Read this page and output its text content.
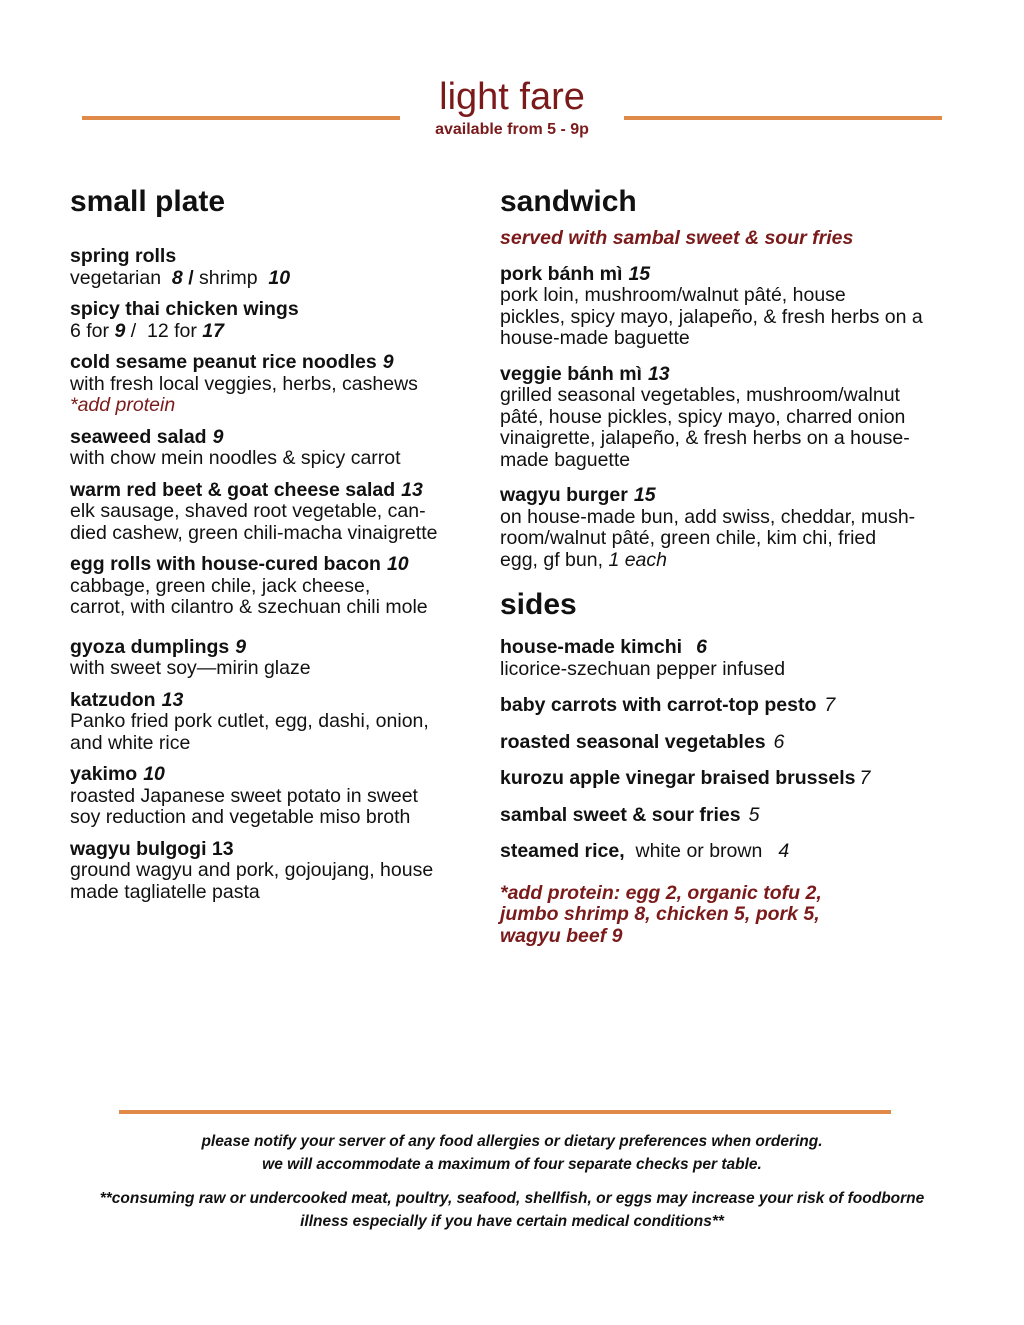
light fare
available from 5 - 9p
small plate
spring rolls
vegetarian 8 / shrimp 10
spicy thai chicken wings
6 for 9 /  12 for 17
cold sesame peanut rice noodles 9
with fresh local veggies, herbs, cashews
*add protein
seaweed salad 9
with chow mein noodles & spicy carrot
warm red beet & goat cheese salad 13
elk sausage, shaved root vegetable, can-
died cashew, green chili-macha vinaigrette
egg rolls with house-cured bacon 10
cabbage, green chile, jack cheese,
carrot, with cilantro & szechuan chili mole
gyoza dumplings 9
with sweet soy—mirin glaze
katzudon 13
Panko fried pork cutlet, egg, dashi, onion,
and white rice
yakimo 10
roasted Japanese sweet potato in sweet
soy reduction and vegetable miso broth
wagyu bulgogi 13
ground wagyu and pork, gojoujang, house
made tagliatelle pasta
sandwich
served with sambal sweet & sour fries
pork bánh mì 15
pork loin, mushroom/walnut pâté, house
pickles, spicy mayo, jalapeño, & fresh herbs on a
house-made baguette
veggie bánh mì 13
grilled seasonal vegetables, mushroom/walnut
pâté, house pickles, spicy mayo, charred onion
vinaigrette, jalapeño, & fresh herbs on a house-
made baguette
wagyu burger 15
on house-made bun, add swiss, cheddar, mush-
room/walnut pâté, green chile, kim chi, fried
egg, gf bun, 1 each
sides
house-made kimchi 6
licorice-szechuan pepper infused
baby carrots with carrot-top pesto 7
roasted seasonal vegetables 6
kurozu apple vinegar braised brussels 7
sambal sweet & sour fries 5
steamed rice, white or brown 4
*add protein: egg 2, organic tofu 2,
jumbo shrimp 8, chicken 5, pork 5,
wagyu beef 9
please notify your server of any food allergies or dietary preferences when ordering.
we will accommodate a maximum of four separate checks per table.
**consuming raw or undercooked meat, poultry, seafood, shellfish, or eggs may increase your risk of foodborne
illness especially if you have certain medical conditions**
